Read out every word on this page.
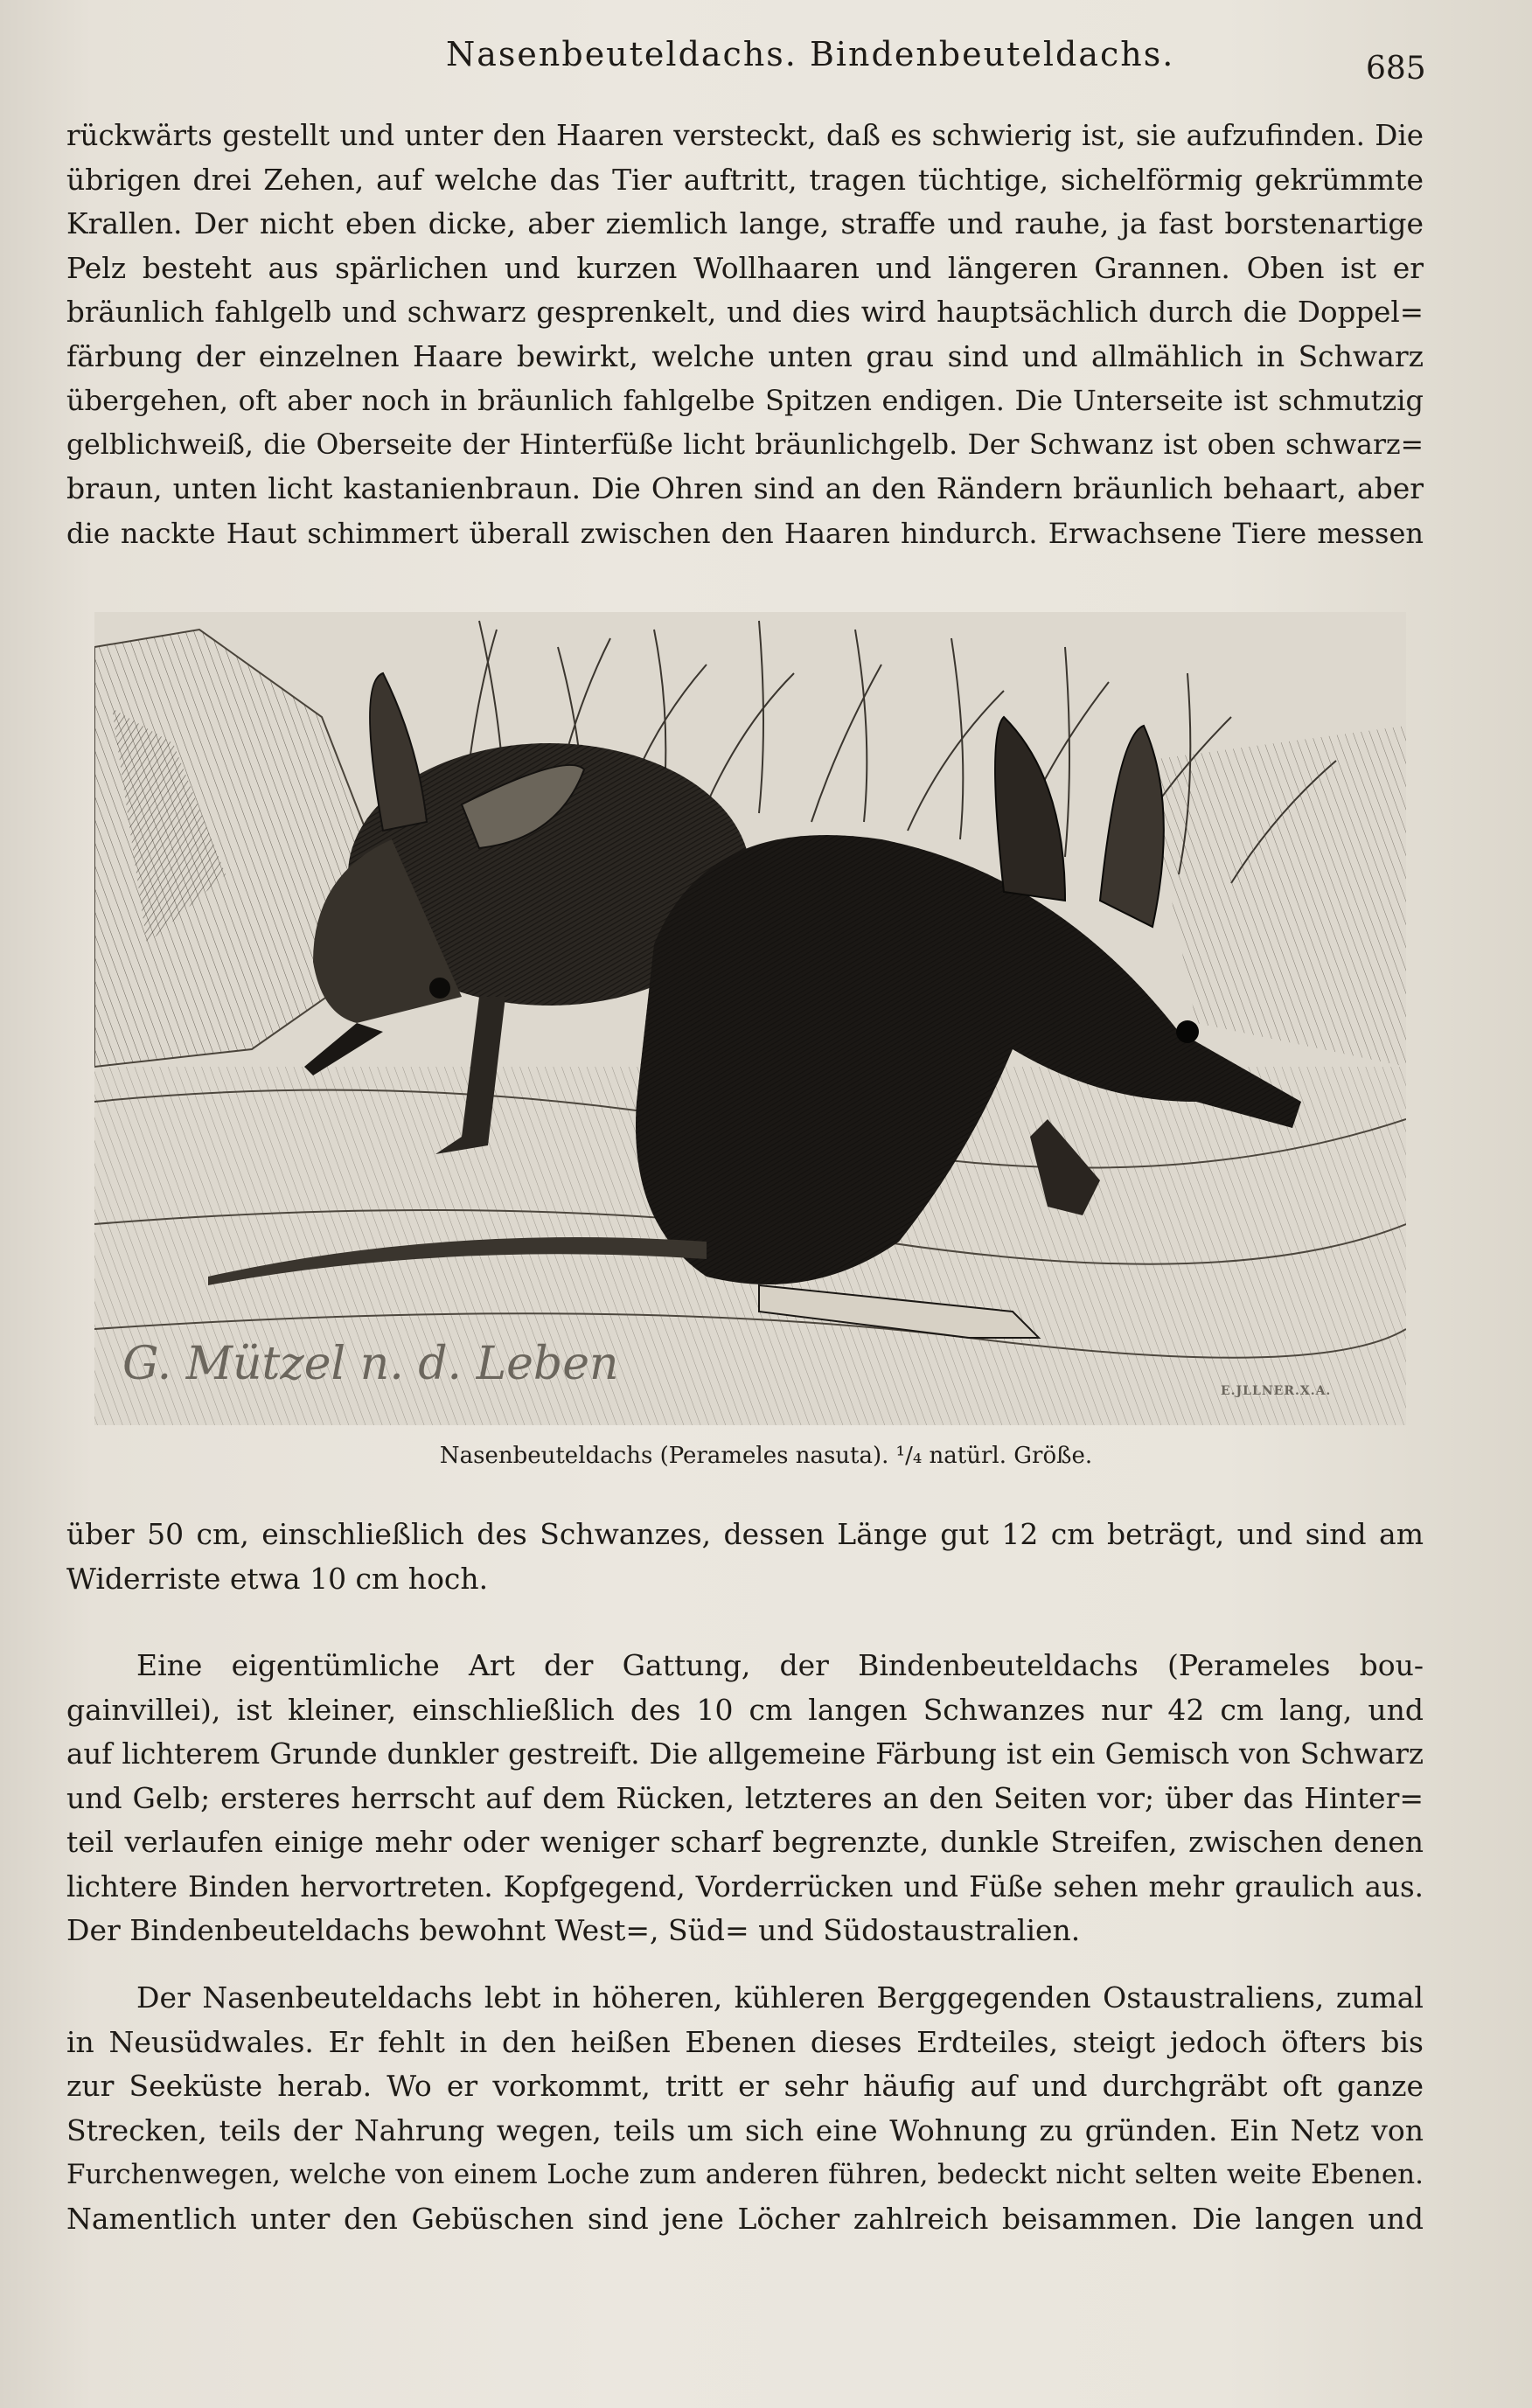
Nasenbeuteldachs. Bindenbeuteldachs.	685
rückwärts gestellt und unter den Haaren versteckt, daß es schwierig ist, sie aufzufinden. Die
übrigen drei Zehen, auf welche das Tier auftritt, tragen tüchtige, sichelförmig gekrümmte
Krallen. Der nicht eben dicke, aber ziemlich lange, straffe und rauhe, ja fast borstenartige
Pelz besteht aus spärlichen und kurzen Wollhaaren und längeren Grannen. Oben ist er
bräunlich fahlgelb und schwarz gesprenkelt, und dies wird hauptsächlich durch die Doppel=
färbung der einzelnen Haare bewirkt, welche unten grau sind und allmählich in Schwarz
übergehen, oft aber noch in bräunlich fahlgelbe Spitzen endigen. Die Unterseite ist schmutzig
gelblichweiß, die Oberseite der Hinterfüße licht bräunlichgelb. Der Schwanz ist oben schwarz=
braun, unten licht kastanienbraun. Die Ohren sind an den Rändern bräunlich behaart, aber
die nackte Haut schimmert überall zwischen den Haaren hindurch. Erwachsene Tiere messen
G. Mützel n. d. Leben
E.JLLNER.X.A.
Nasenbeuteldachs (Perameles nasuta). ¹/₄ natürl. Größe.
über 50 cm, einschließlich des Schwanzes, dessen Länge gut 12 cm beträgt, und sind am
Widerriste etwa 10 cm hoch.
Eine eigentümliche Art der Gattung, der Bindenbeuteldachs (Perameles bou-
gainvillei), ist kleiner, einschließlich des 10 cm langen Schwanzes nur 42 cm lang, und
auf lichterem Grunde dunkler gestreift. Die allgemeine Färbung ist ein Gemisch von Schwarz
und Gelb; ersteres herrscht auf dem Rücken, letzteres an den Seiten vor; über das Hinter=
teil verlaufen einige mehr oder weniger scharf begrenzte, dunkle Streifen, zwischen denen
lichtere Binden hervortreten. Kopfgegend, Vorderrücken und Füße sehen mehr graulich aus.
Der Bindenbeuteldachs bewohnt West=, Süd= und Südostaustralien.
Der Nasenbeuteldachs lebt in höheren, kühleren Berggegenden Ostaustraliens, zumal
in Neusüdwales. Er fehlt in den heißen Ebenen dieses Erdteiles, steigt jedoch öfters bis
zur Seeküste herab. Wo er vorkommt, tritt er sehr häufig auf und durchgräbt oft ganze
Strecken, teils der Nahrung wegen, teils um sich eine Wohnung zu gründen. Ein Netz von
Furchenwegen, welche von einem Loche zum anderen führen, bedeckt nicht selten weite Ebenen.
Namentlich unter den Gebüschen sind jene Löcher zahlreich beisammen. Die langen und
